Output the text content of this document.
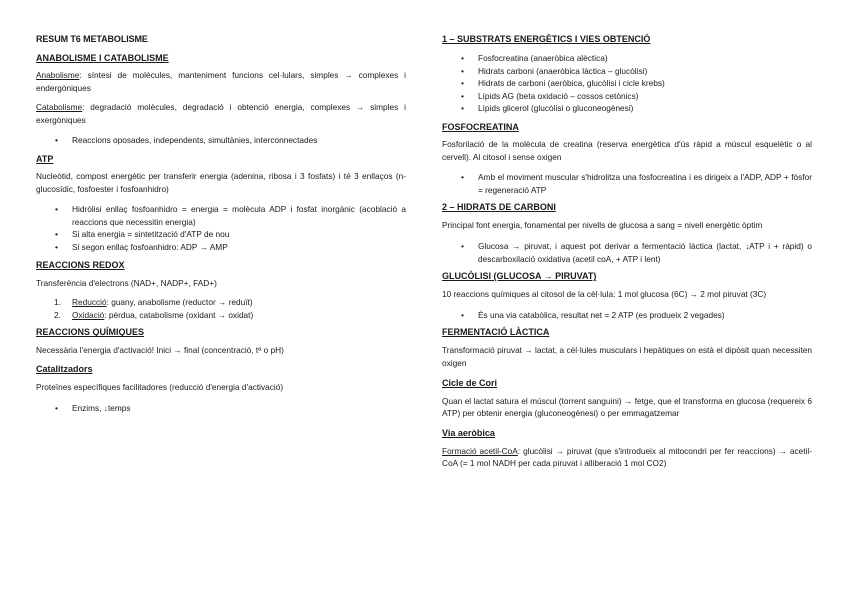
RESUM T6 METABOLISME
ANABOLISME I CATABOLISME

Anabolisme: síntesi de molècules, manteniment funcions cel·lulars, simples → complexes i endergòniques

Catabolisme: degradació molècules, degradació i obtenció energia, complexes → simples i exergòniques

• Reaccions oposades, independents, simultànies, interconnectades
ATP

Nucleòtid, compost energètic per transferir energia (adenina, ribosa i 3 fosfats) i té 3 enllaços (n-glucosídic, fosfoester i fosfoanhidro)

• Hidròlisi enllaç fosfoanhidro = energia = molècula ADP i fosfat inorgànic (acoblació a reaccions que necessitin energia)
• Si alta energia = sintetització d'ATP de nou
• Si segon enllaç fosfoanhidro: ADP → AMP
REACCIONS REDOX

Transferència d'electrons (NAD+, NADP+, FAD+)

1. Reducció: guany, anabolisme (reductor → reduït)
2. Oxidació: pèrdua, catabolisme (oxidant → oxidat)
REACCIONS QUÍMIQUES

Necessària l'energia d'activació! Inici → final (concentració, tª o pH)

Catalitzadors

Proteïnes específiques facilitadores (reducció d'energia d'activació)

• Enzims, ↓temps
1 – SUBSTRATS ENERGÈTICS I VIES OBTENCIÓ
• Fosfocreatina (anaeròbica alèctica)
• Hidrats carboni (anaeròbica làctica – glucòlisi)
• Hidrats de carboni (aeròbica, glucòlisi i cicle krebs)
• Lípids AG (beta oxidació – cossos cetònics)
• Lípids glicerol (glucòlisi o gluconeogènesi)
FOSFOCREATINA

Fosforilació de la molècula de creatina (reserva energètica d'ús ràpid a múscul esquelètic o al cervell). Al citosol i sense oxigen

• Amb el moviment muscular s'hidrolitza una fosfocreatina i es dirigeix a l'ADP, ADP + fòsfor = regeneració ATP
2 – HIDRATS DE CARBONI

Principal font energia, fonamental per nivells de glucosa a sang = nivell energètic òptim

• Glucosa → piruvat, i aquest pot derivar a fermentació làctica (lactat, ↓ATP i + ràpid) o descarboxilació oxidativa (acetil coA, + ATP i lent)
GLUCÒLISI (GLUCOSA → PIRUVAT)

10 reaccions químiques al citosol de la cèl·lula: 1 mol glucosa (6C) → 2 mol piruvat (3C)

• És una via catabòlica, resultat net = 2 ATP (es produeix 2 vegades)
FERMENTACIÓ LÀCTICA

Transformació piruvat → lactat, a cèl·lules musculars i hepàtiques on està el dipòsit quan necessiten oxigen

Cicle de Cori

Quan el lactat satura el múscul (torrent sanguini) → fetge, que el transforma en glucosa (requereix 6 ATP) per obtenir energia (gluconeogènesi) o per emmagatzemar

Via aeròbica

Formació acetil-CoA: glucòlisi → piruvat (que s'introdueix al mitocondri per fer reaccions) → acetil-CoA (= 1 mol NADH per cada piruvat i alliberació 1 mol CO2)
